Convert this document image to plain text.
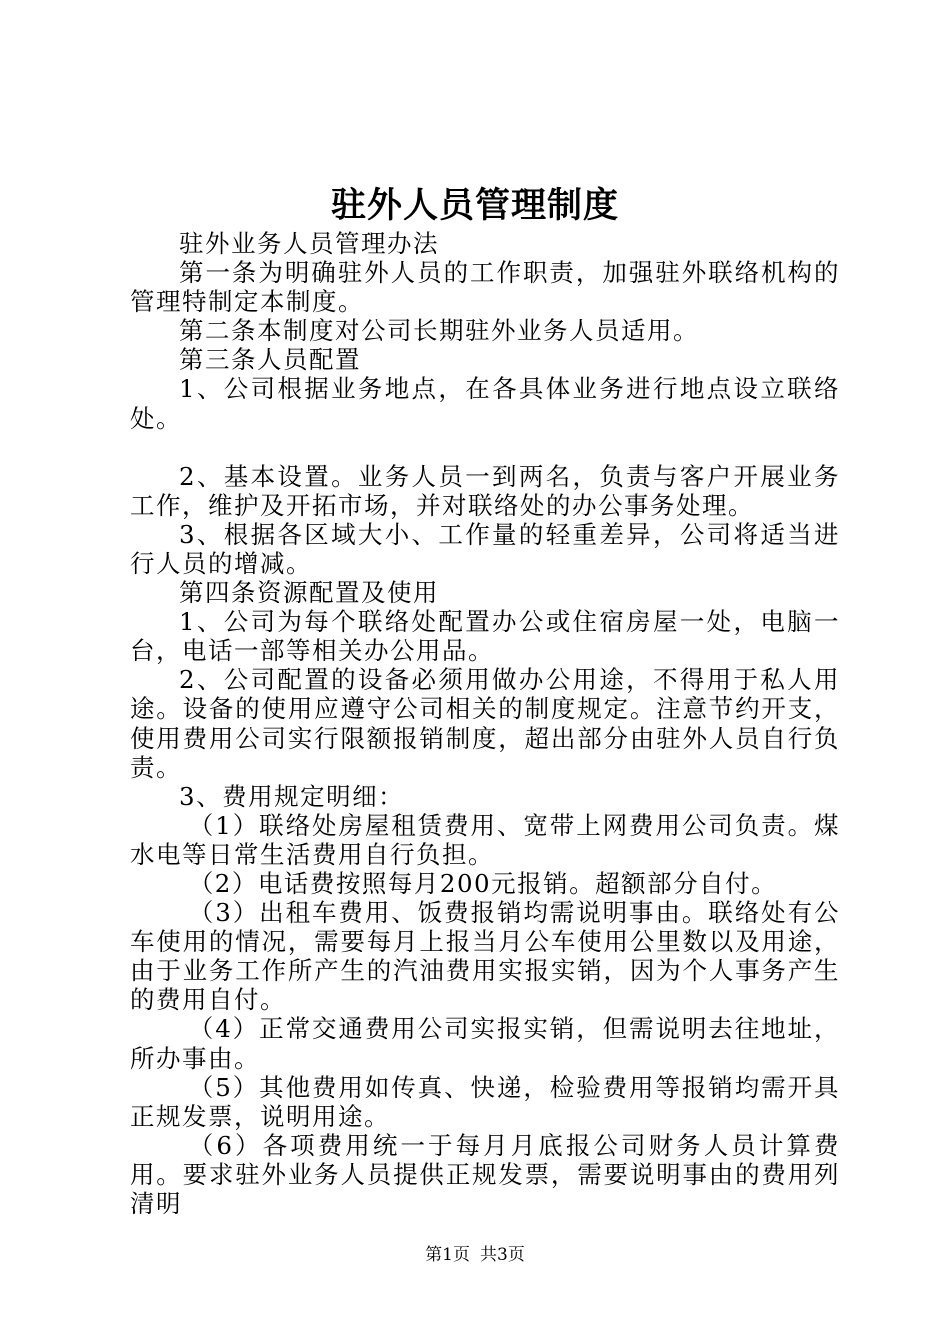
驻外人员管理制度

驻外业务人员管理办法

第一条为明确驻外人员的工作职责，加强驻外联络机构的管理特制定本制度。

第二条本制度对公司长期驻外业务人员适用。

第三条人员配置

1、公司根据业务地点，在各具体业务进行地点设立联络处。

2、基本设置。业务人员一到两名，负责与客户开展业务工作，维护及开拓市场，并对联络处的办公事务处理。

3、根据各区域大小、工作量的轻重差异，公司将适当进行人员的增减。

第四条资源配置及使用

1、公司为每个联络处配置办公或住宿房屋一处，电脑一台，电话一部等相关办公用品。

2、公司配置的设备必须用做办公用途，不得用于私人用途。设备的使用应遵守公司相关的制度规定。注意节约开支，使用费用公司实行限额报销制度，超出部分由驻外人员自行负责。

3、费用规定明细：

（1）联络处房屋租赁费用、宽带上网费用公司负责。煤水电等日常生活费用自行负担。

（2）电话费按照每月200元报销。超额部分自付。

（3）出租车费用、饭费报销均需说明事由。联络处有公车使用的情况，需要每月上报当月公车使用公里数以及用途，由于业务工作所产生的汽油费用实报实销，因为个人事务产生的费用自付。

（4）正常交通费用公司实报实销，但需说明去往地址，所办事由。

（5）其他费用如传真、快递，检验费用等报销均需开具正规发票，说明用途。

（6）各项费用统一于每月月底报公司财务人员计算费用。要求驻外业务人员提供正规发票，需要说明事由的费用列清明

第1页 共3页
